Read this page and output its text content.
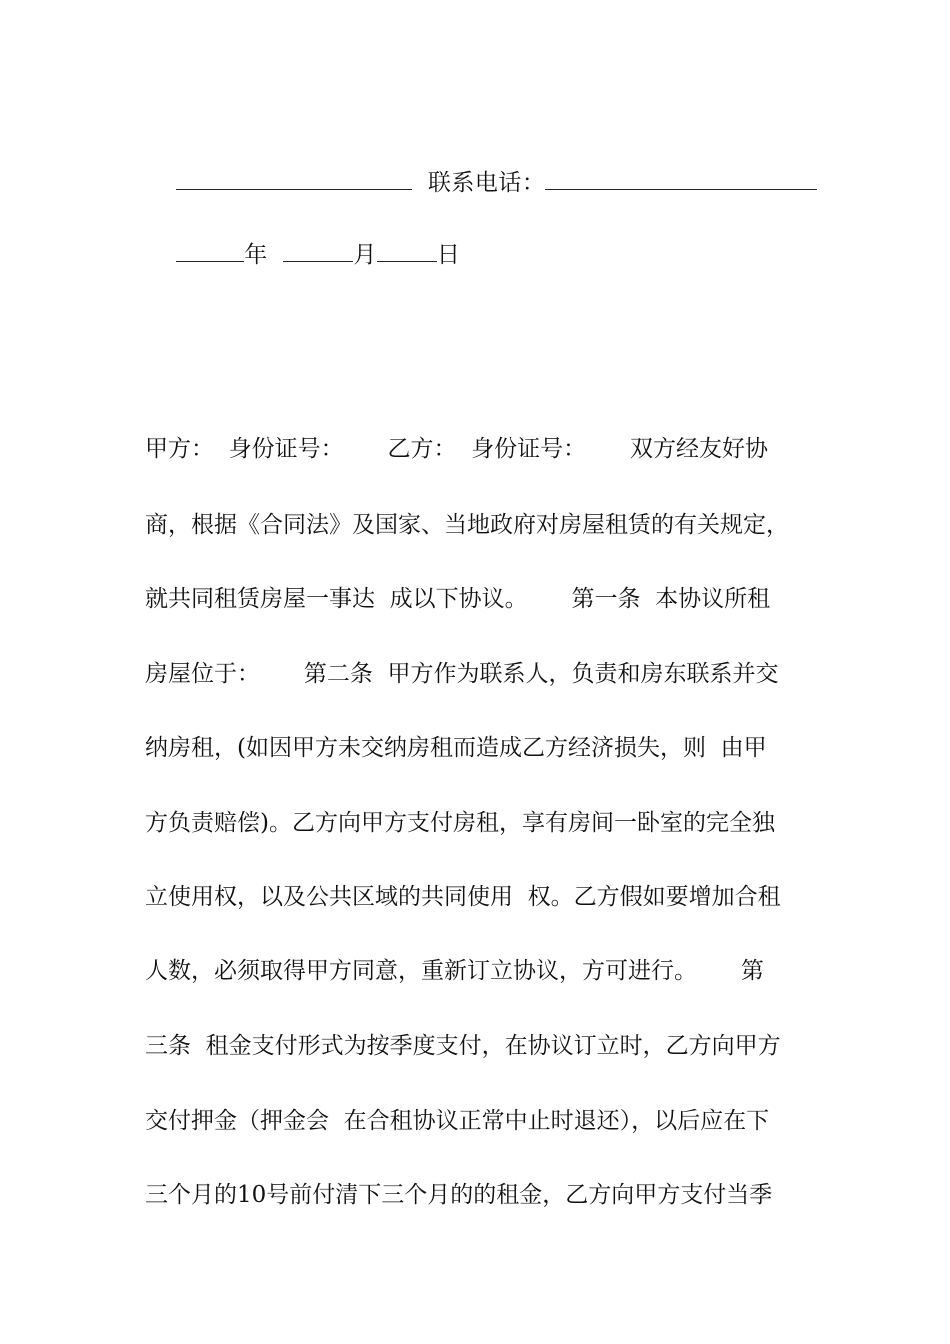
联系电话：

年	月	日

甲方：  身份证号：      乙方：  身份证号：      双方经友好协
商，根据《合同法》及国家、当地政府对房屋租赁的有关规定，
就共同租赁房屋一事达  成以下协议。      第一条  本协议所租
房屋位于：      第二条  甲方作为联系人，负责和房东联系并交
纳房租，(如因甲方未交纳房租而造成乙方经济损失，则  由甲
方负责赔偿)。乙方向甲方支付房租，享有房间一卧室的完全独
立使用权，以及公共区域的共同使用  权。乙方假如要增加合租
人数，必须取得甲方同意，重新订立协议，方可进行。      第
三条  租金支付形式为按季度支付，在协议订立时，乙方向甲方
交付押金（押金会  在合租协议正常中止时退还），以后应在下
三个月的10号前付清下三个月的的租金，乙方向甲方支付当季
